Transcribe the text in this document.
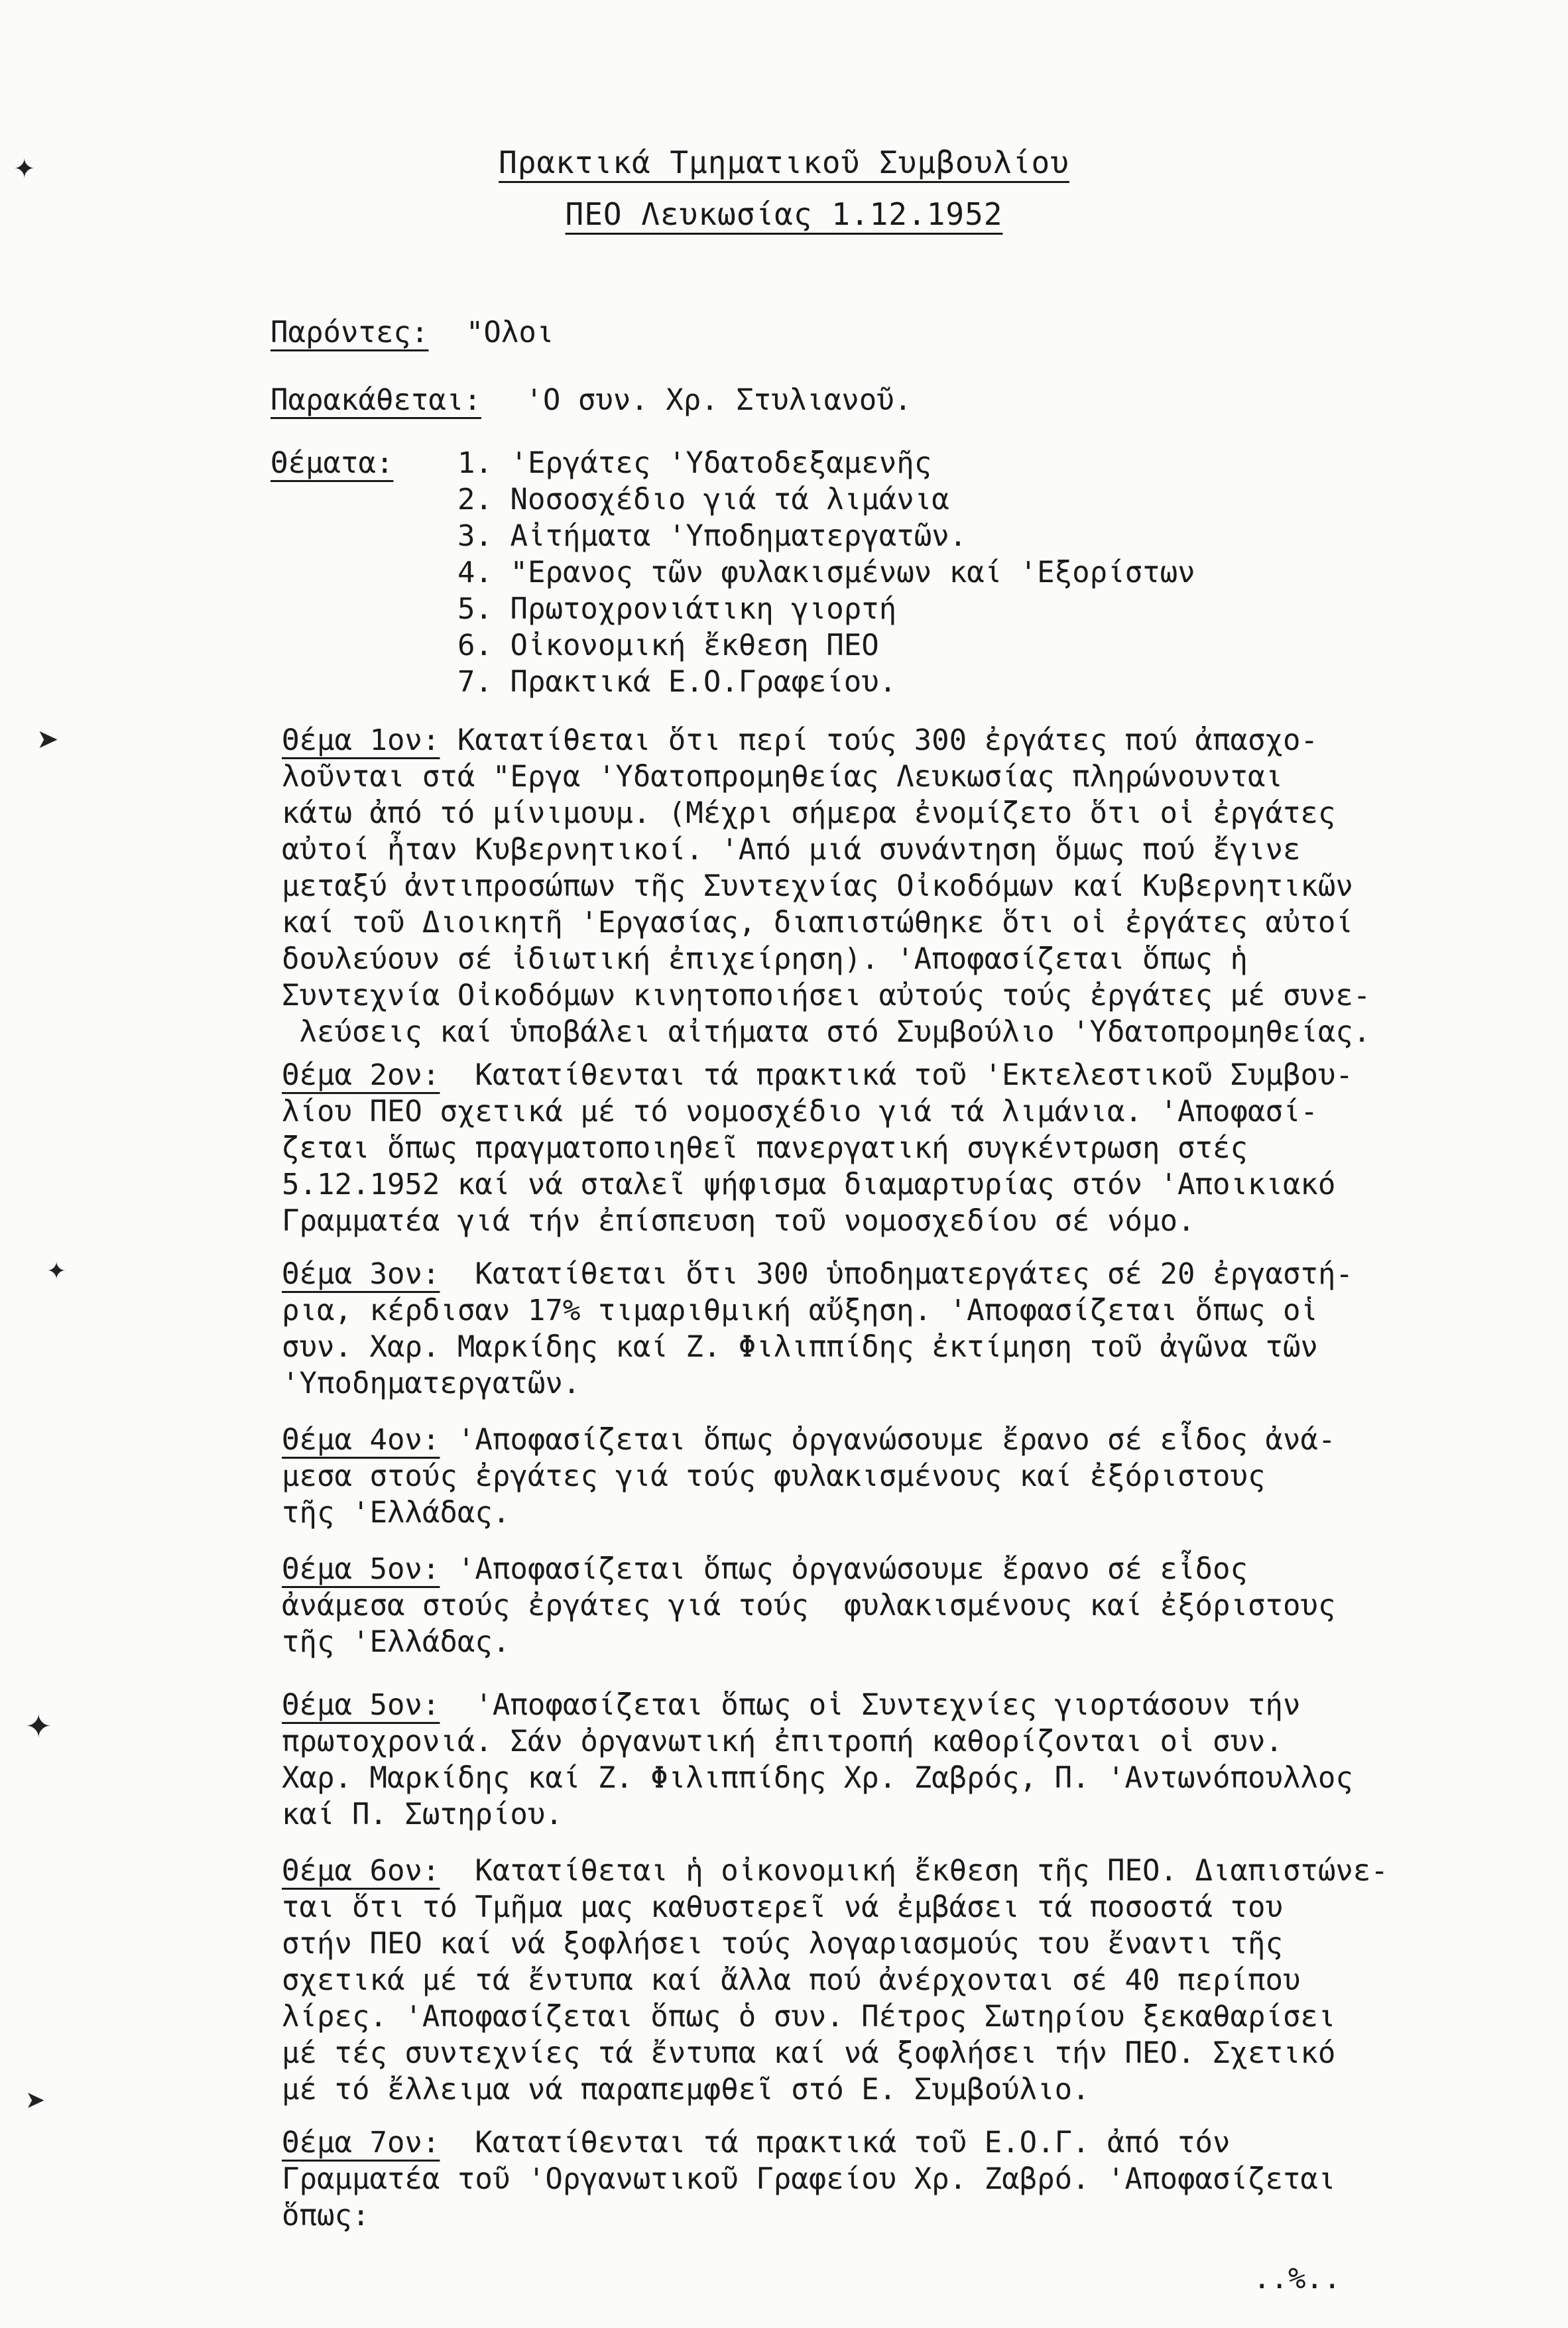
✦
➤
✦
✦
➤
Πρακτικά Τμηματικοῦ Συμβουλίου
ΠΕΟ Λευκωσίας 1.12.1952
Παρόντες: "Ολοι
Παρακάθεται: 'Ο συν. Χρ. Στυλιανοῦ.
Θέματα: 1. 'Εργάτες 'Υδατοδεξαμενῆς
2. Νοσοσχέδιο γιά τά λιμάνια
3. Αἰτήματα 'Υποδηματεργατῶν.
4. "Ερανος τῶν φυλακισμένων καί 'Εξορίστων
5. Πρωτοχρονιάτικη γιορτή
6. Οἰκονομική ἔκθεση ΠΕΟ
7. Πρακτικά Ε.Ο.Γραφείου.
Θέμα 1ον: Κατατίθεται ὅτι περί τούς 300 ἐργάτες πού ἀπασχο-
λοῦνται στά "Εργα 'Υδατοπρομηθείας Λευκωσίας πληρώνουνται
κάτω ἀπό τό μίνιμουμ. (Μέχρι σήμερα ἐνομίζετο ὅτι οἱ ἐργάτες
αὐτοί ἦταν Κυβερνητικοί. 'Από μιά συνάντηση ὅμως πού ἔγινε
μεταξύ ἀντιπροσώπων τῆς Συντεχνίας Οἰκοδόμων καί Κυβερνητικῶν
καί τοῦ Διοικητῆ 'Εργασίας, διαπιστώθηκε ὅτι οἱ ἐργάτες αὐτοί
δουλεύουν σέ ἰδιωτική ἐπιχείρηση). 'Αποφασίζεται ὅπως ἡ
Συντεχνία Οἰκοδόμων κινητοποιήσει αὐτούς τούς ἐργάτες μέ συνε-
λεύσεις καί ὑποβάλει αἰτήματα στό Συμβούλιο 'Υδατοπρομηθείας.
Θέμα 2ον: Κατατίθενται τά πρακτικά τοῦ 'Εκτελεστικοῦ Συμβου-
λίου ΠΕΟ σχετικά μέ τό νομοσχέδιο γιά τά λιμάνια. 'Αποφασί-
ζεται ὅπως πραγματοποιηθεῖ πανεργατική συγκέντρωση στές
5.12.1952 καί νά σταλεῖ ψήφισμα διαμαρτυρίας στόν 'Αποικιακό
Γραμματέα γιά τήν ἐπίσπευση τοῦ νομοσχεδίου σέ νόμο.
Θέμα 3ον: Κατατίθεται ὅτι 300 ὑποδηματεργάτες σέ 20 ἐργαστή-
ρια, κέρδισαν 17% τιμαριθμική αὔξηση. 'Αποφασίζεται ὅπως οἱ
συν. Χαρ. Μαρκίδης καί Ζ. Φιλιππίδης ἐκτίμηση τοῦ ἀγῶνα τῶν
'Υποδηματεργατῶν.
Θέμα 4ον: 'Αποφασίζεται ὅπως ὀργανώσουμε ἔρανο σέ εἶδος ἀνά-
μεσα στούς ἐργάτες γιά τούς φυλακισμένους καί ἐξόριστους
τῆς 'Ελλάδας.
Θέμα 5ον: 'Αποφασίζεται ὅπως ὀργανώσουμε ἔρανο σέ εἶδος
ἀνάμεσα στούς ἐργάτες γιά τούς  φυλακισμένους καί ἐξόριστους
τῆς 'Ελλάδας.
Θέμα 5ον: 'Αποφασίζεται ὅπως οἱ Συντεχνίες γιορτάσουν τήν
πρωτοχρονιά. Σάν ὀργανωτική ἐπιτροπή καθορίζονται οἱ συν.
Χαρ. Μαρκίδης καί Ζ. Φιλιππίδης Χρ. Ζαβρός, Π. 'Αντωνόπουλλος
καί Π. Σωτηρίου.
Θέμα 6ον: Κατατίθεται ἡ οἰκονομική ἔκθεση τῆς ΠΕΟ. Διαπιστώνε-
ται ὅτι τό Τμῆμα μας καθυστερεῖ νά ἐμβάσει τά ποσοστά του
στήν ΠΕΟ καί νά ξοφλήσει τούς λογαριασμούς του ἔναντι τῆς
σχετικά μέ τά ἔντυπα καί ἄλλα πού ἀνέρχονται σέ 40 περίπου
λίρες. 'Αποφασίζεται ὅπως ὁ συν. Πέτρος Σωτηρίου ξεκαθαρίσει
μέ τές συντεχνίες τά ἔντυπα καί νά ξοφλήσει τήν ΠΕΟ. Σχετικό
μέ τό ἔλλειμα νά παραπεμφθεῖ στό Ε. Συμβούλιο.
Θέμα 7ον: Κατατίθενται τά πρακτικά τοῦ Ε.Ο.Γ. ἀπό τόν
Γραμματέα τοῦ 'Οργανωτικοῦ Γραφείου Χρ. Ζαβρό. 'Αποφασίζεται
ὅπως:
..%..
